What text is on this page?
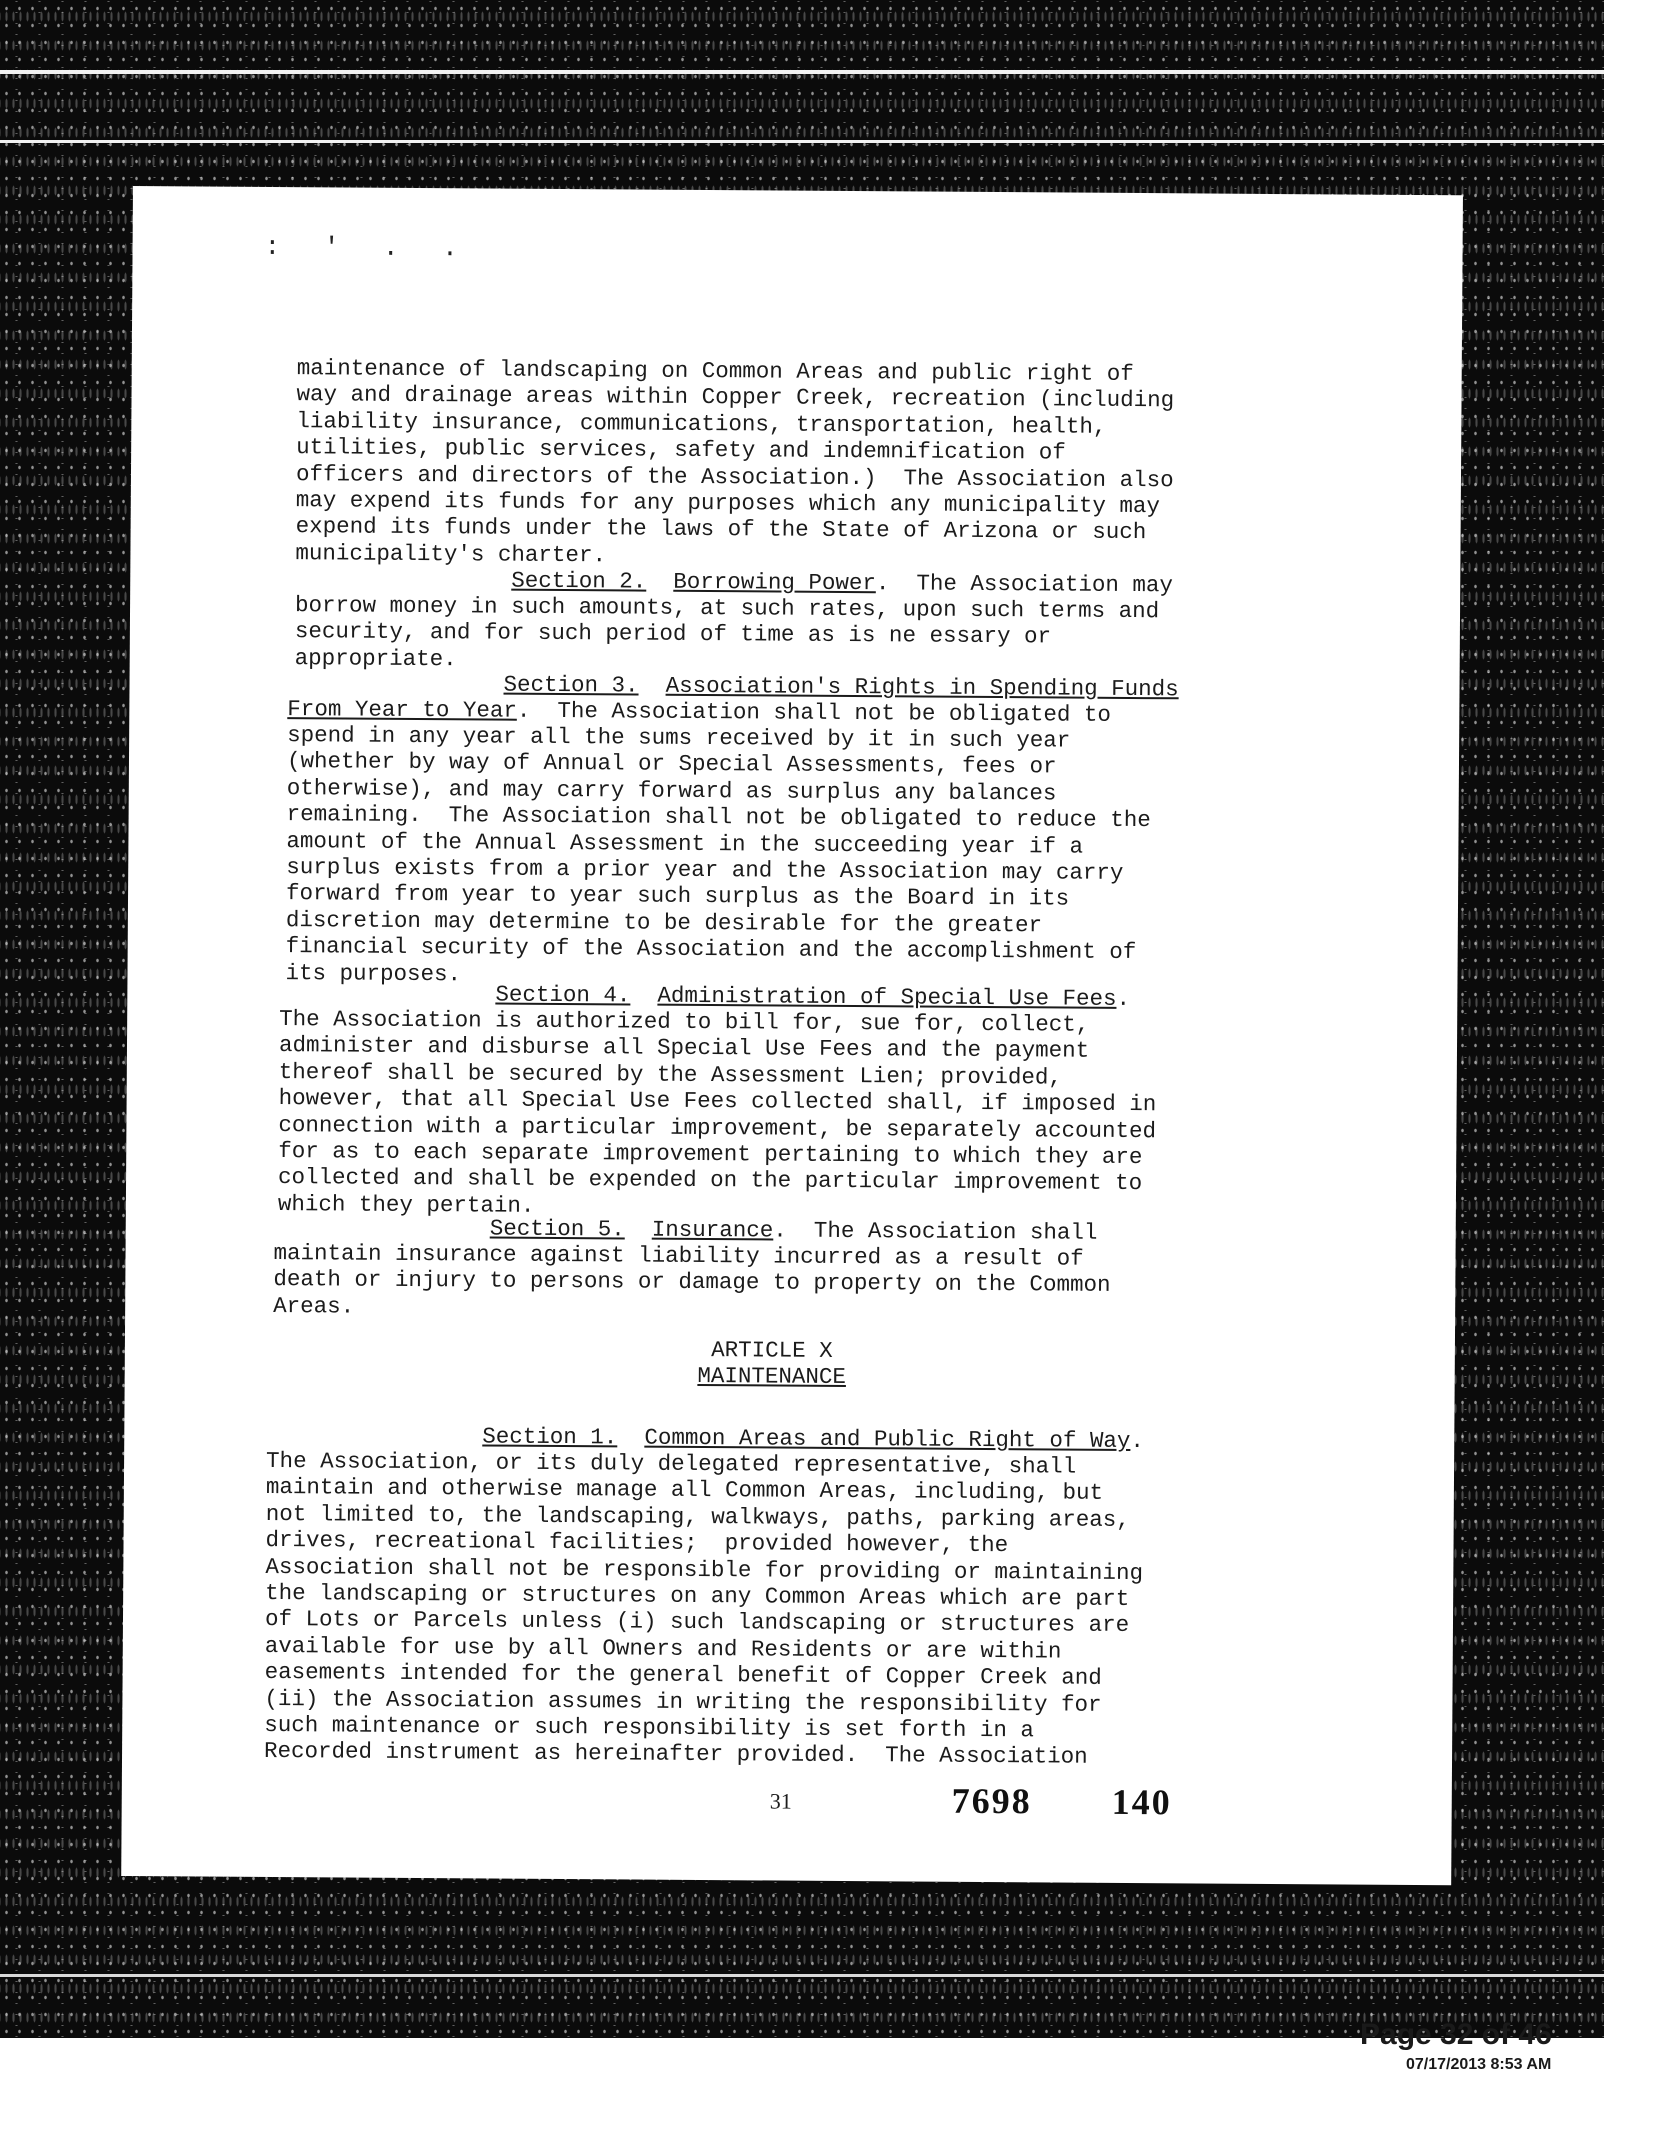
: ' . .
maintenance of landscaping on Common Areas and public right of
way and drainage areas within Copper Creek, recreation (including
liability insurance, communications, transportation, health,
utilities, public services, safety and indemnification of
officers and directors of the Association.)  The Association also
may expend its funds for any purposes which any municipality may
expend its funds under the laws of the State of Arizona or such
municipality's charter.
Section 2. Borrowing Power.  The Association may
borrow money in such amounts, at such rates, upon such terms and
security, and for such period of time as is ne essary or
appropriate.
Section 3. Association's Rights in Spending Funds
From Year to Year.  The Association shall not be obligated to
spend in any year all the sums received by it in such year
(whether by way of Annual or Special Assessments, fees or
otherwise), and may carry forward as surplus any balances
remaining.  The Association shall not be obligated to reduce the
amount of the Annual Assessment in the succeeding year if a
surplus exists from a prior year and the Association may carry
forward from year to year such surplus as the Board in its
discretion may determine to be desirable for the greater
financial security of the Association and the accomplishment of
its purposes.
Section 4. Administration of Special Use Fees.
The Association is authorized to bill for, sue for, collect,
administer and disburse all Special Use Fees and the payment
thereof shall be secured by the Assessment Lien; provided,
however, that all Special Use Fees collected shall, if imposed in
connection with a particular improvement, be separately accounted
for as to each separate improvement pertaining to which they are
collected and shall be expended on the particular improvement to
which they pertain.
Section 5. Insurance.  The Association shall
maintain insurance against liability incurred as a result of
death or injury to persons or damage to property on the Common
Areas.
ARTICLE X
MAINTENANCE
Section 1. Common Areas and Public Right of Way.
The Association, or its duly delegated representative, shall
maintain and otherwise manage all Common Areas, including, but
not limited to, the landscaping, walkways, paths, parking areas,
drives, recreational facilities;  provided however, the
Association shall not be responsible for providing or maintaining
the landscaping or structures on any Common Areas which are part
of Lots or Parcels unless (i) such landscaping or structures are
available for use by all Owners and Residents or are within
easements intended for the general benefit of Copper Creek and
(ii) the Association assumes in writing the responsibility for
such maintenance or such responsibility is set forth in a
Recorded instrument as hereinafter provided.  The Association
31	7698 140
Page 32 of 46
07/17/2013 8:53 AM
